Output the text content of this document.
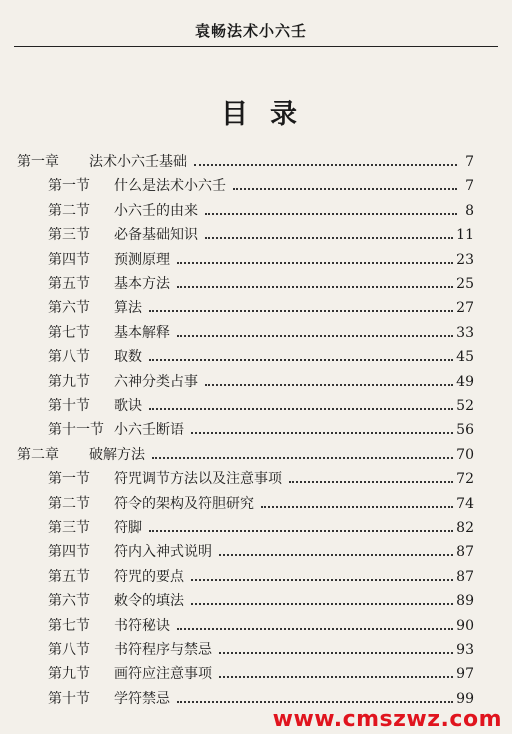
袁畅法术小六壬
目录
第一章	法术小六壬基础	7
第一节	什么是法术小六壬	7
第二节	小六壬的由来	8
第三节	必备基础知识	11
第四节	预测原理	23
第五节	基本方法	25
第六节	算法	27
第七节	基本解释	33
第八节	取数	45
第九节	六神分类占事	49
第十节	歌诀	52
第十一节 小六壬断语	56
第二章	破解方法	70
第一节	符咒调节方法以及注意事项	72
第二节	符令的架构及符胆研究	74
第三节	符脚	82
第四节	符内入神式说明	87
第五节	符咒的要点	87
第六节	敕令的填法	89
第七节	书符秘诀	90
第八节	书符程序与禁忌	93
第九节	画符应注意事项	97
第十节	学符禁忌	99
www.cmszwz.com
